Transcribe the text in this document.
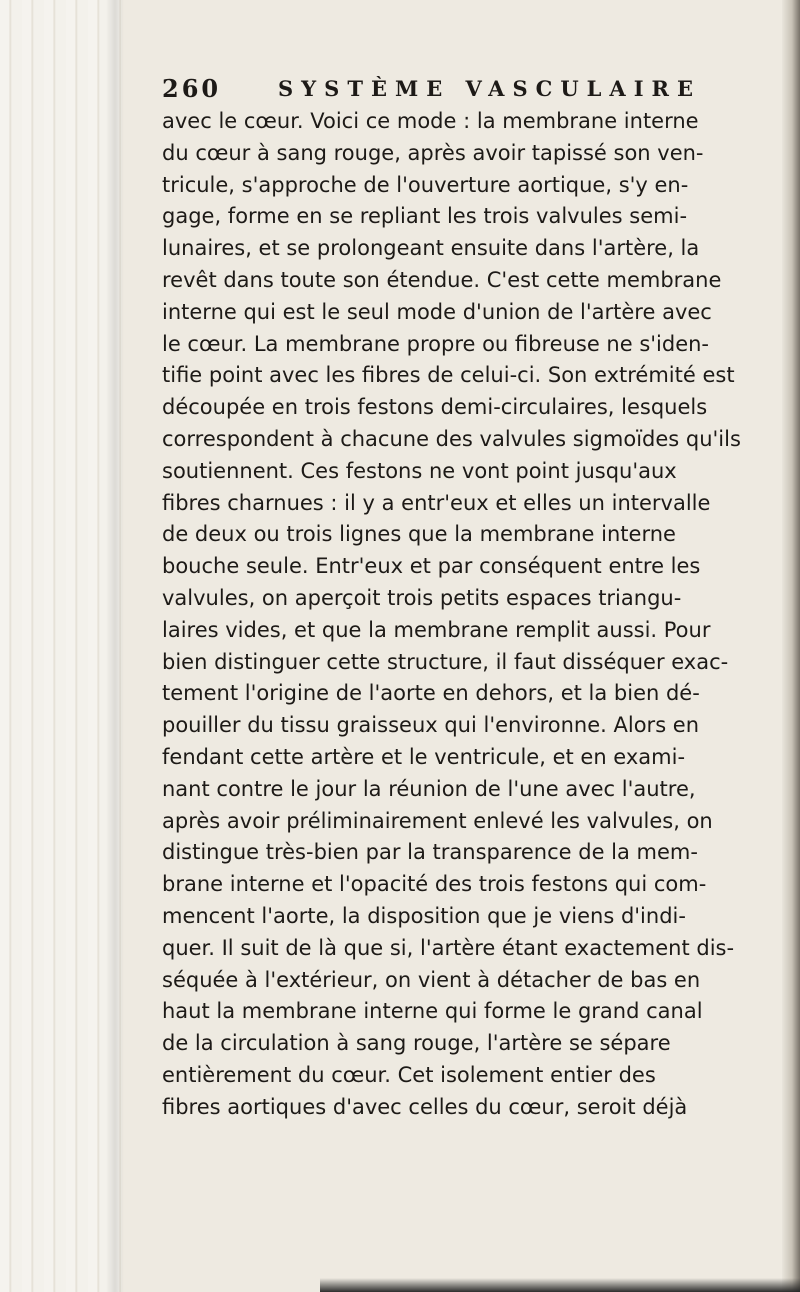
260

	SYSTÈME VASCULAIRE

avec le cœur. Voici ce mode : la membrane interne
du cœur à sang rouge, après avoir tapissé son ven-
tricule, s'approche de l'ouverture aortique, s'y en-
gage, forme en se repliant les trois valvules semi-
lunaires, et se prolongeant ensuite dans l'artère, la
revêt dans toute son étendue. C'est cette membrane
interne qui est le seul mode d'union de l'artère avec
le cœur. La membrane propre ou fibreuse ne s'iden-
tifie point avec les fibres de celui-ci. Son extrémité est
découpée en trois festons demi-circulaires, lesquels
correspondent à chacune des valvules sigmoïdes qu'ils
soutiennent. Ces festons ne vont point jusqu'aux
fibres charnues : il y a entr'eux et elles un intervalle
de deux ou trois lignes que la membrane interne
bouche seule. Entr'eux et par conséquent entre les
valvules, on aperçoit trois petits espaces triangu-
laires vides, et que la membrane remplit aussi. Pour
bien distinguer cette structure, il faut disséquer exac-
tement l'origine de l'aorte en dehors, et la bien dé-
pouiller du tissu graisseux qui l'environne. Alors en
fendant cette artère et le ventricule, et en exami-
nant contre le jour la réunion de l'une avec l'autre,
après avoir préliminairement enlevé les valvules, on
distingue très-bien par la transparence de la mem-
brane interne et l'opacité des trois festons qui com-
mencent l'aorte, la disposition que je viens d'indi-
quer. Il suit de là que si, l'artère étant exactement dis-
séquée à l'extérieur, on vient à détacher de bas en
haut la membrane interne qui forme le grand canal
de la circulation à sang rouge, l'artère se sépare
entièrement du cœur. Cet isolement entier des
fibres aortiques d'avec celles du cœur, seroit déjà
